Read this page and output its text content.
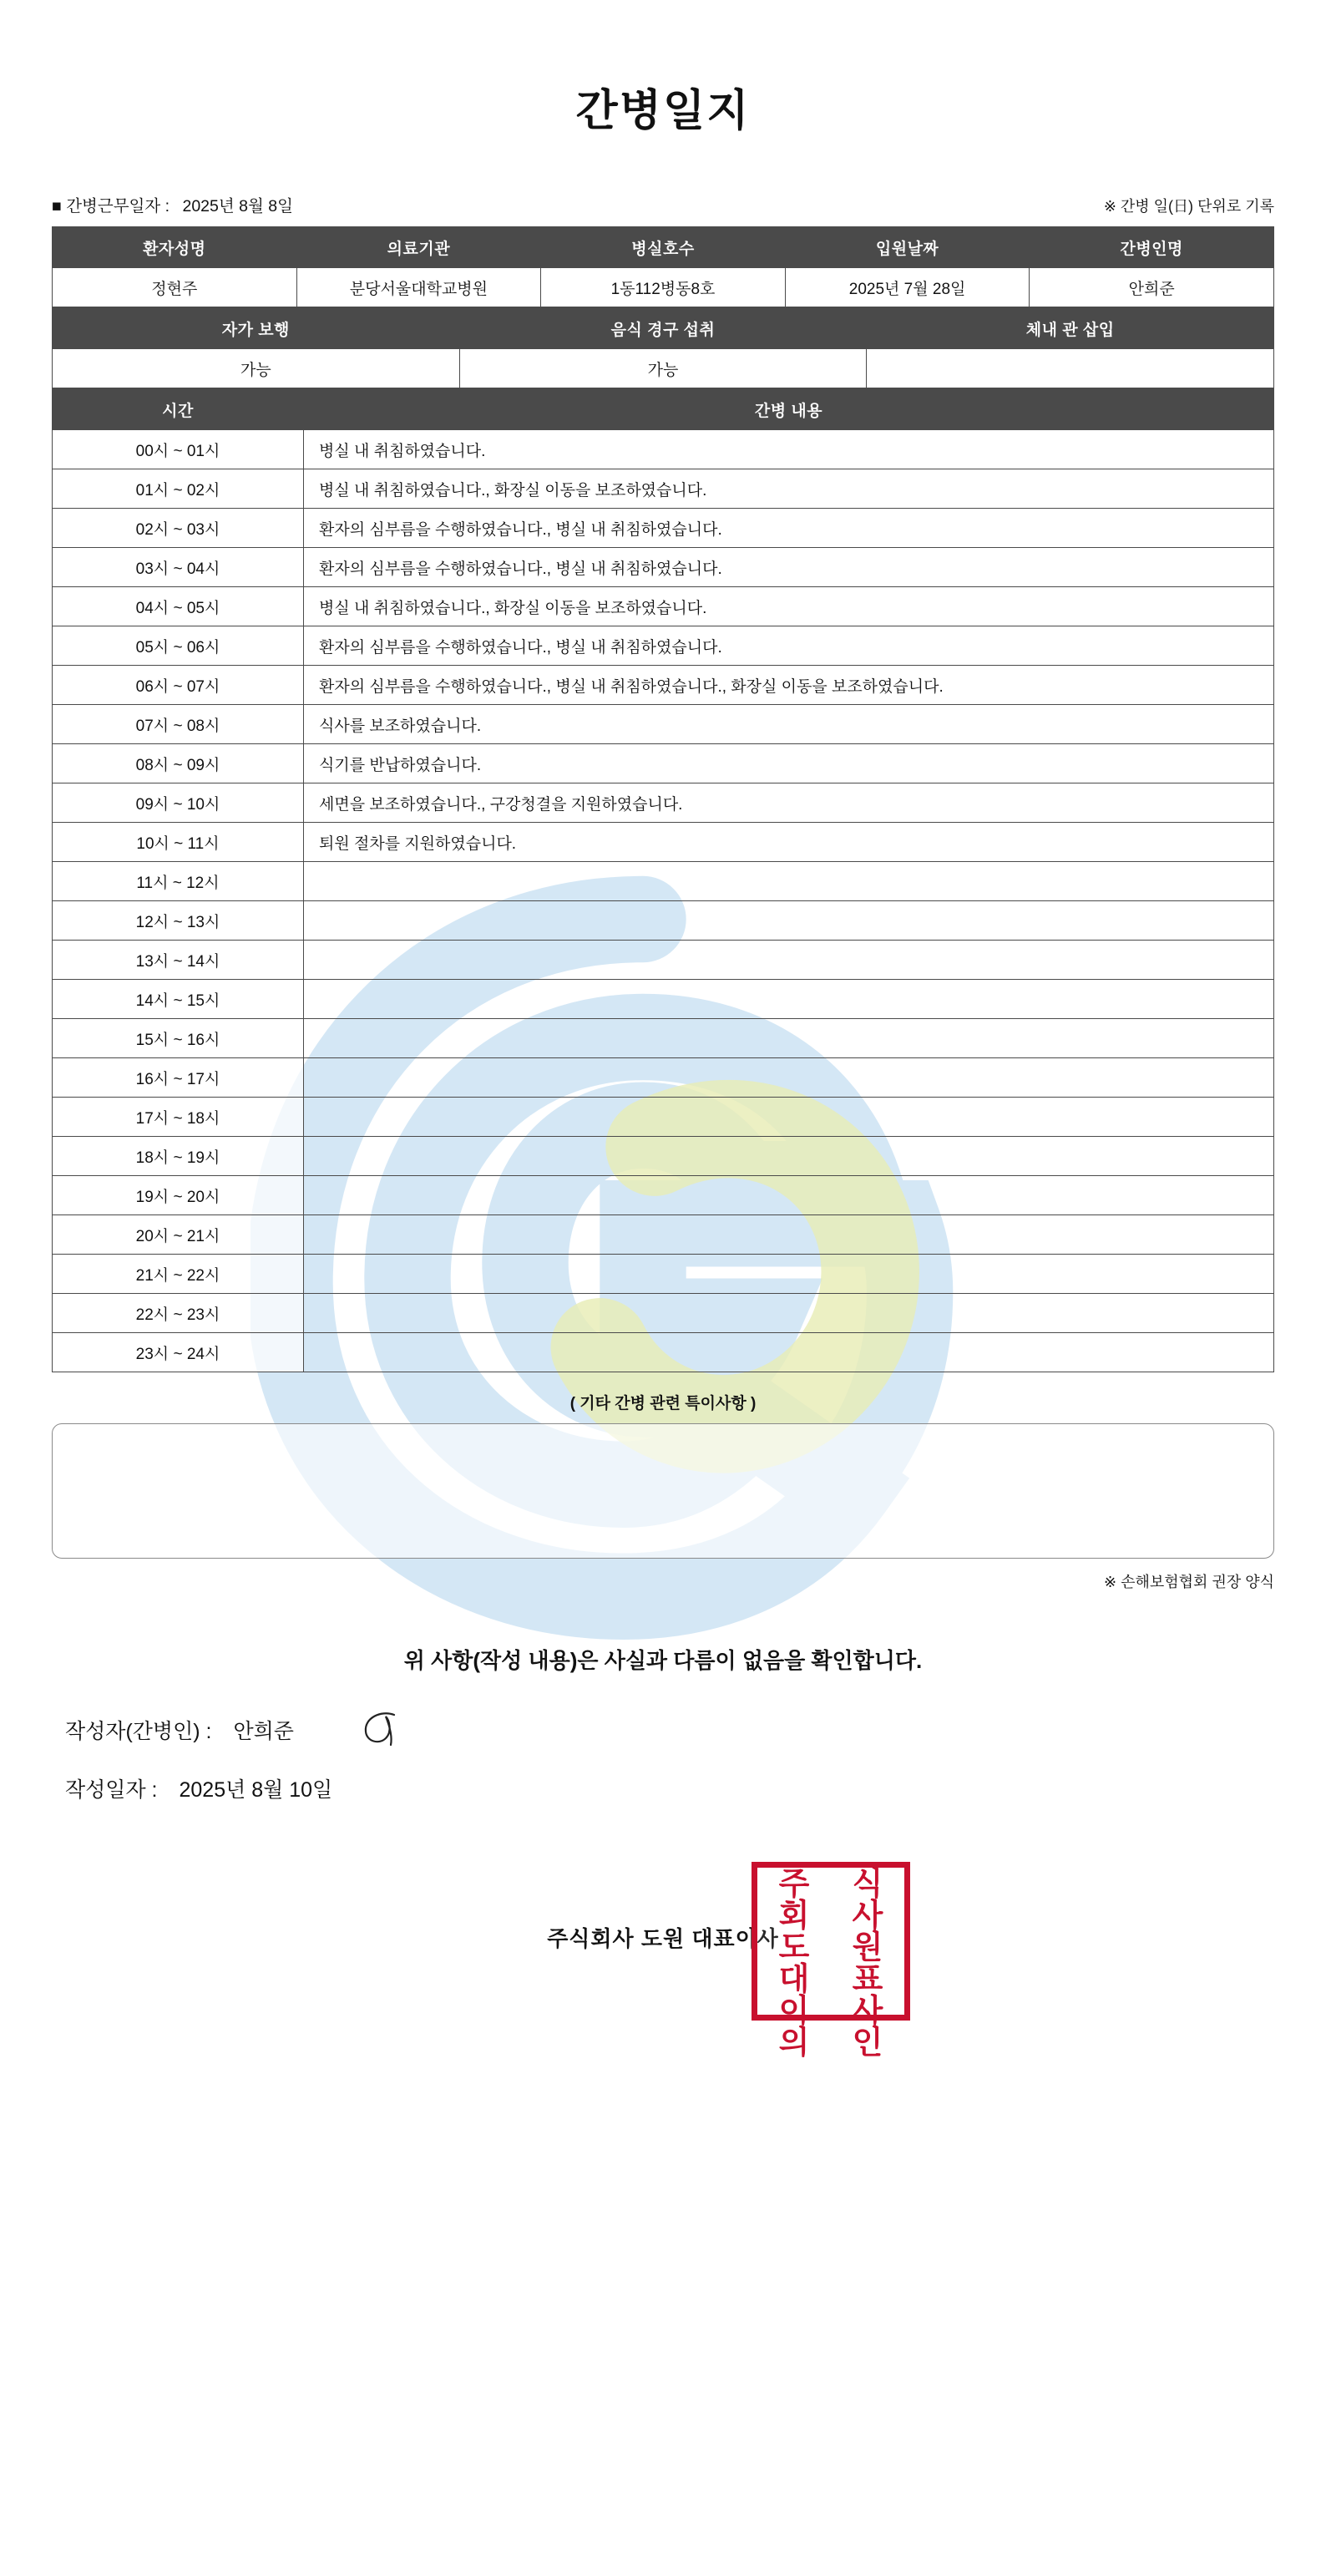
간병일지
■ 간병근무일자 : 2025년 8월 8일	※ 간병 일(日) 단위로 기록
환자성명	의료기관	병실호수	입원날짜	간병인명
정현주	분당서울대학교병원	1동112병동8호	2025년 7월 28일	안희준
자가 보행	음식 경구 섭취	체내 관 삽입
가능	가능	
시간	간병 내용
00시 ~ 01시	병실 내 취침하였습니다.
01시 ~ 02시	병실 내 취침하였습니다., 화장실 이동을 보조하였습니다.
02시 ~ 03시	환자의 심부름을 수행하였습니다., 병실 내 취침하였습니다.
03시 ~ 04시	환자의 심부름을 수행하였습니다., 병실 내 취침하였습니다.
04시 ~ 05시	병실 내 취침하였습니다., 화장실 이동을 보조하였습니다.
05시 ~ 06시	환자의 심부름을 수행하였습니다., 병실 내 취침하였습니다.
06시 ~ 07시	환자의 심부름을 수행하였습니다., 병실 내 취침하였습니다., 화장실 이동을 보조하였습니다.
07시 ~ 08시	식사를 보조하였습니다.
08시 ~ 09시	식기를 반납하였습니다.
09시 ~ 10시	세면을 보조하였습니다., 구강청결을 지원하였습니다.
10시 ~ 11시	퇴원 절차를 지원하였습니다.
11시 ~ 12시	
12시 ~ 13시	
13시 ~ 14시	
14시 ~ 15시	
15시 ~ 16시	
16시 ~ 17시	
17시 ~ 18시	
18시 ~ 19시	
19시 ~ 20시	
20시 ~ 21시	
21시 ~ 22시	
22시 ~ 23시	
23시 ~ 24시	
( 기타 간병 관련 특이사항 )
※ 손해보험협회 권장 양식
위 사항(작성 내용)은 사실과 다름이 없음을 확인합니다.
작성자(간병인) : 안희준
작성일자 : 2025년 8월 10일
주식회사 도원 대표이사
주 식
회 사
도 원
대 표
이 사
의 인
